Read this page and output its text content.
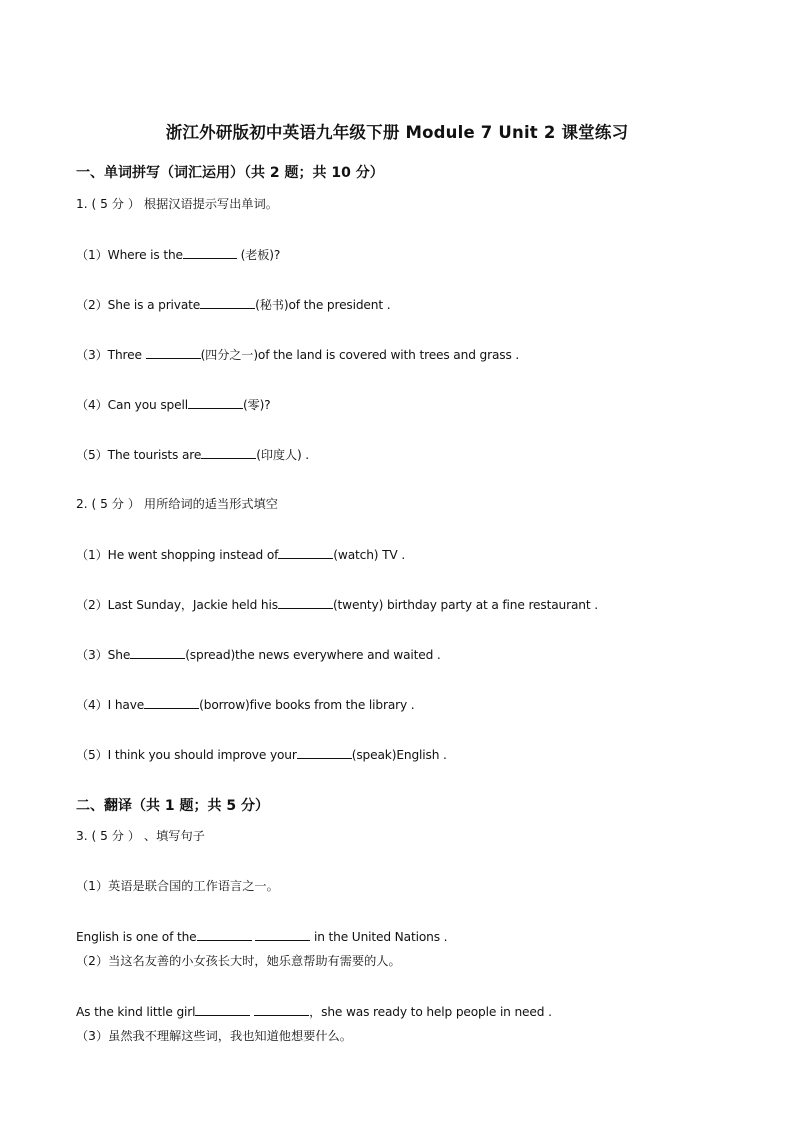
浙江外研版初中英语九年级下册 Module 7 Unit 2 课堂练习
一、单词拼写（词汇运用）（共 2 题；共 10 分）
1. ( 5 分 ） 根据汉语提示写出单词。
（1）Where is the	(老板)?
（2）She is a private	(秘书)of the president .
（3）Three	(四分之一)of the land is covered with trees and grass .
（4）Can you spell	(零)?
（5）The tourists are	(印度人) .
2. ( 5 分 ） 用所给词的适当形式填空
（1）He went shopping instead of	(watch) TV .
（2）Last Sunday，Jackie held his	(twenty) birthday party at a fine restaurant .
（3）She	(spread)the news everywhere and waited .
（4）I have	(borrow)five books from the library .
（5）I think you should improve your	(speak)English .
二、翻译（共 1 题；共 5 分）
3. ( 5 分 ） 、填写句子
（1）英语是联合国的工作语言之一。
English is one of the	in the United Nations .
（2）当这名友善的小女孩长大时，她乐意帮助有需要的人。
As the kind little girl	，she was ready to help people in need .
（3）虽然我不理解这些词，我也知道他想要什么。
